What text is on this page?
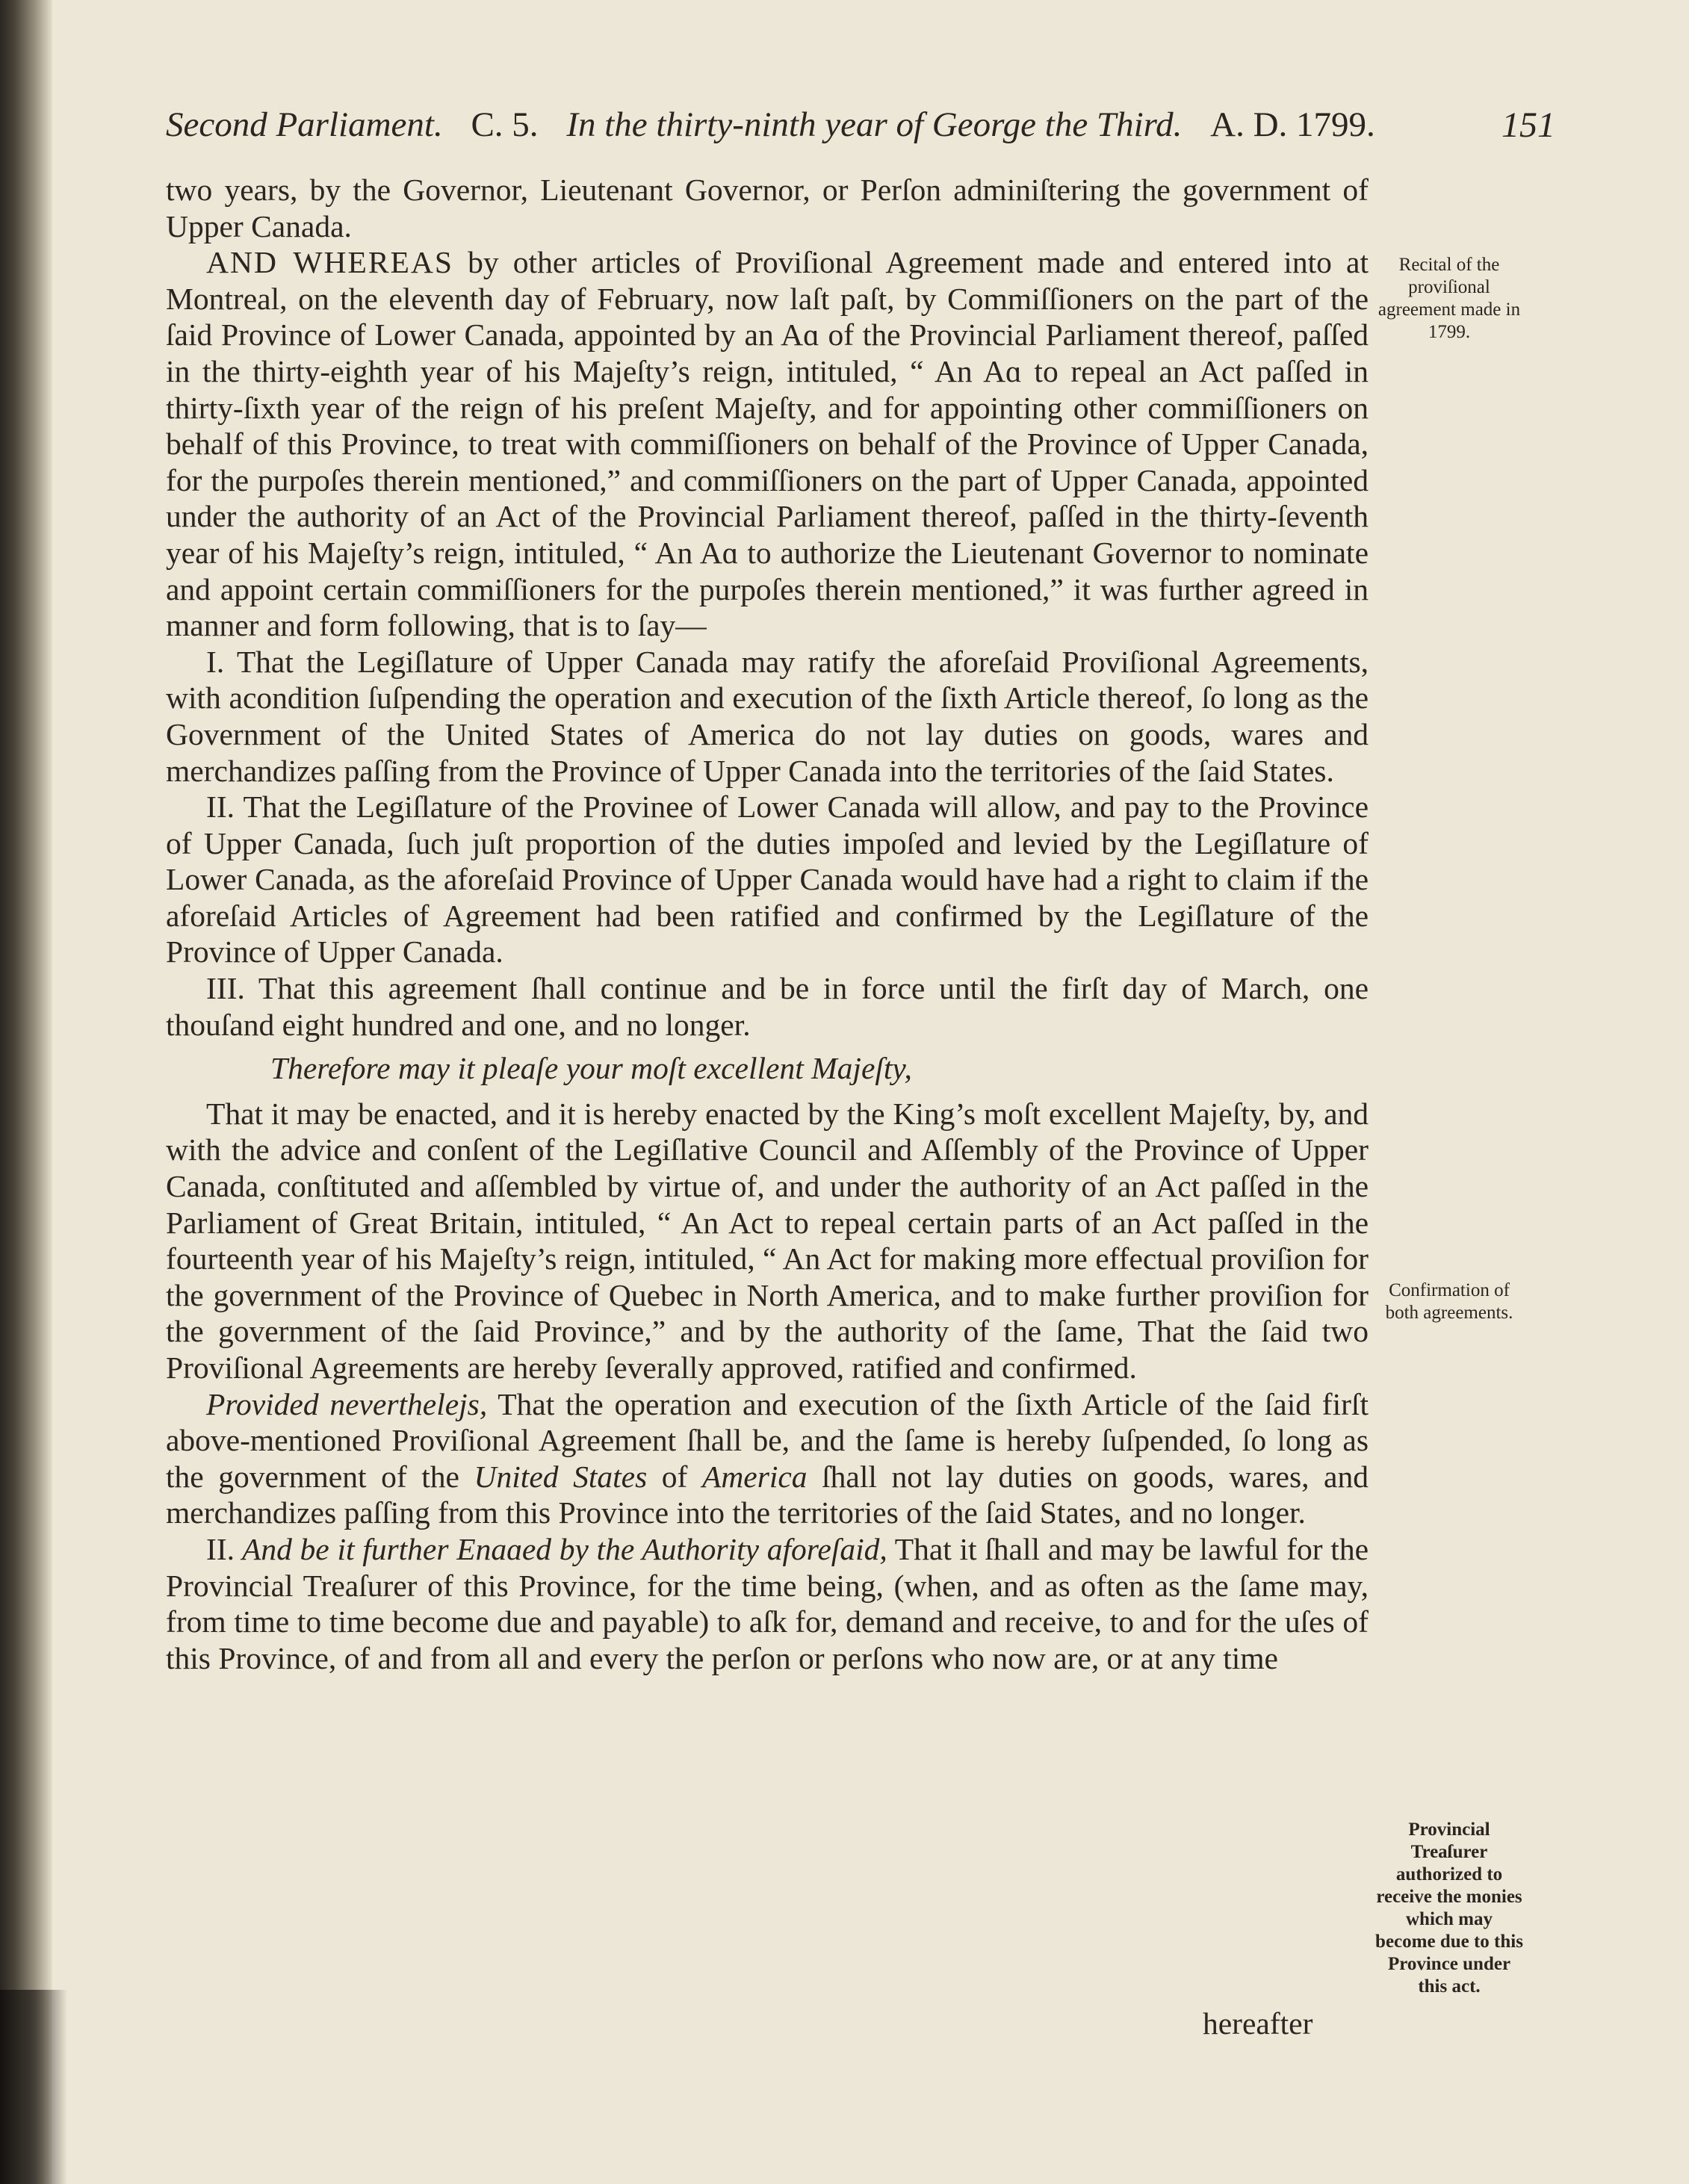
Second Parliament. C. 5. In the thirty-ninth year of George the Third. A. D. 1799.	151

two years, by the Governor, Lieutenant Governor, or Perſon adminiſtering the government of Upper Canada.

AND WHEREAS by other articles of Proviſional Agreement made and entered into at Montreal, on the eleventh day of February, now laſt paſt, by Commiſſioners on the part of the ſaid Province of Lower Canada, appointed by an Aɑ of the Provincial Parliament thereof, paſſed in the thirty-eighth year of his Majeſty’s reign, intituled, “ An Aɑ to repeal an Act paſſed in thirty-ſixth year of the reign of his preſent Majeſty, and for appointing other commiſſioners on behalf of this Province, to treat with commiſſioners on behalf of the Province of Upper Canada, for the purpoſes therein mentioned,” and commiſſioners on the part of Upper Canada, appointed under the authority of an Act of the Provincial Parliament thereof, paſſed in the thirty-ſeventh year of his Majeſty’s reign, intituled, “ An Aɑ to authorize the Lieutenant Governor to nominate and appoint certain commiſſioners for the purpoſes therein mentioned,” it was further agreed in manner and form following, that is to ſay—

I. That the Legiſlature of Upper Canada may ratify the aforeſaid Proviſional Agreements, with acondition ſuſpending the operation and execution of the ſixth Article thereof, ſo long as the Government of the United States of America do not lay duties on goods, wares and merchandizes paſſing from the Province of Upper Canada into the territories of the ſaid States.

II. That the Legiſlature of the Provinee of Lower Canada will allow, and pay to the Province of Upper Canada, ſuch juſt proportion of the duties impoſed and levied by the Legiſlature of Lower Canada, as the aforeſaid Province of Upper Canada would have had a right to claim if the aforeſaid Articles of Agreement had been ratified and confirmed by the Legiſlature of the Province of Upper Canada.

III. That this agreement ſhall continue and be in force until the firſt day of March, one thouſand eight hundred and one, and no longer.

Therefore may it pleaſe your moſt excellent Majeſty,

That it may be enacted, and it is hereby enacted by the King’s moſt excellent Majeſty, by, and with the advice and conſent of the Legiſlative Council and Aſſembly of the Province of Upper Canada, conſtituted and aſſembled by virtue of, and under the authority of an Act paſſed in the Parliament of Great Britain, intituled, “ An Act to repeal certain parts of an Act paſſed in the fourteenth year of his Majeſty’s reign, intituled, “ An Act for making more effectual proviſion for the government of the Province of Quebec in North America, and to make further proviſion for the government of the ſaid Province,” and by the authority of the ſame, That the ſaid two Proviſional Agreements are hereby ſeverally approved, ratified and confirmed.

Provided neverthelejs, That the operation and execution of the ſixth Article of the ſaid firſt above-mentioned Proviſional Agreement ſhall be, and the ſame is hereby ſuſpended, ſo long as the government of the United States of America ſhall not lay duties on goods, wares, and merchandizes paſſing from this Province into the territories of the ſaid States, and no longer.

II. And be it further Enaɑed by the Authority aforeſaid, That it ſhall and may be lawful for the Provincial Treaſurer of this Province, for the time being, (when, and as often as the ſame may, from time to time become due and payable) to aſk for, demand and receive, to and for the uſes of this Province, of and from all and every the perſon or perſons who now are, or at any time

hereafter
Recital of the proviſional agreement made in 1799.
Confirmation of both agreements.
Provincial Treaſurer authorized to receive the monies which may become due to this Province under this act.
